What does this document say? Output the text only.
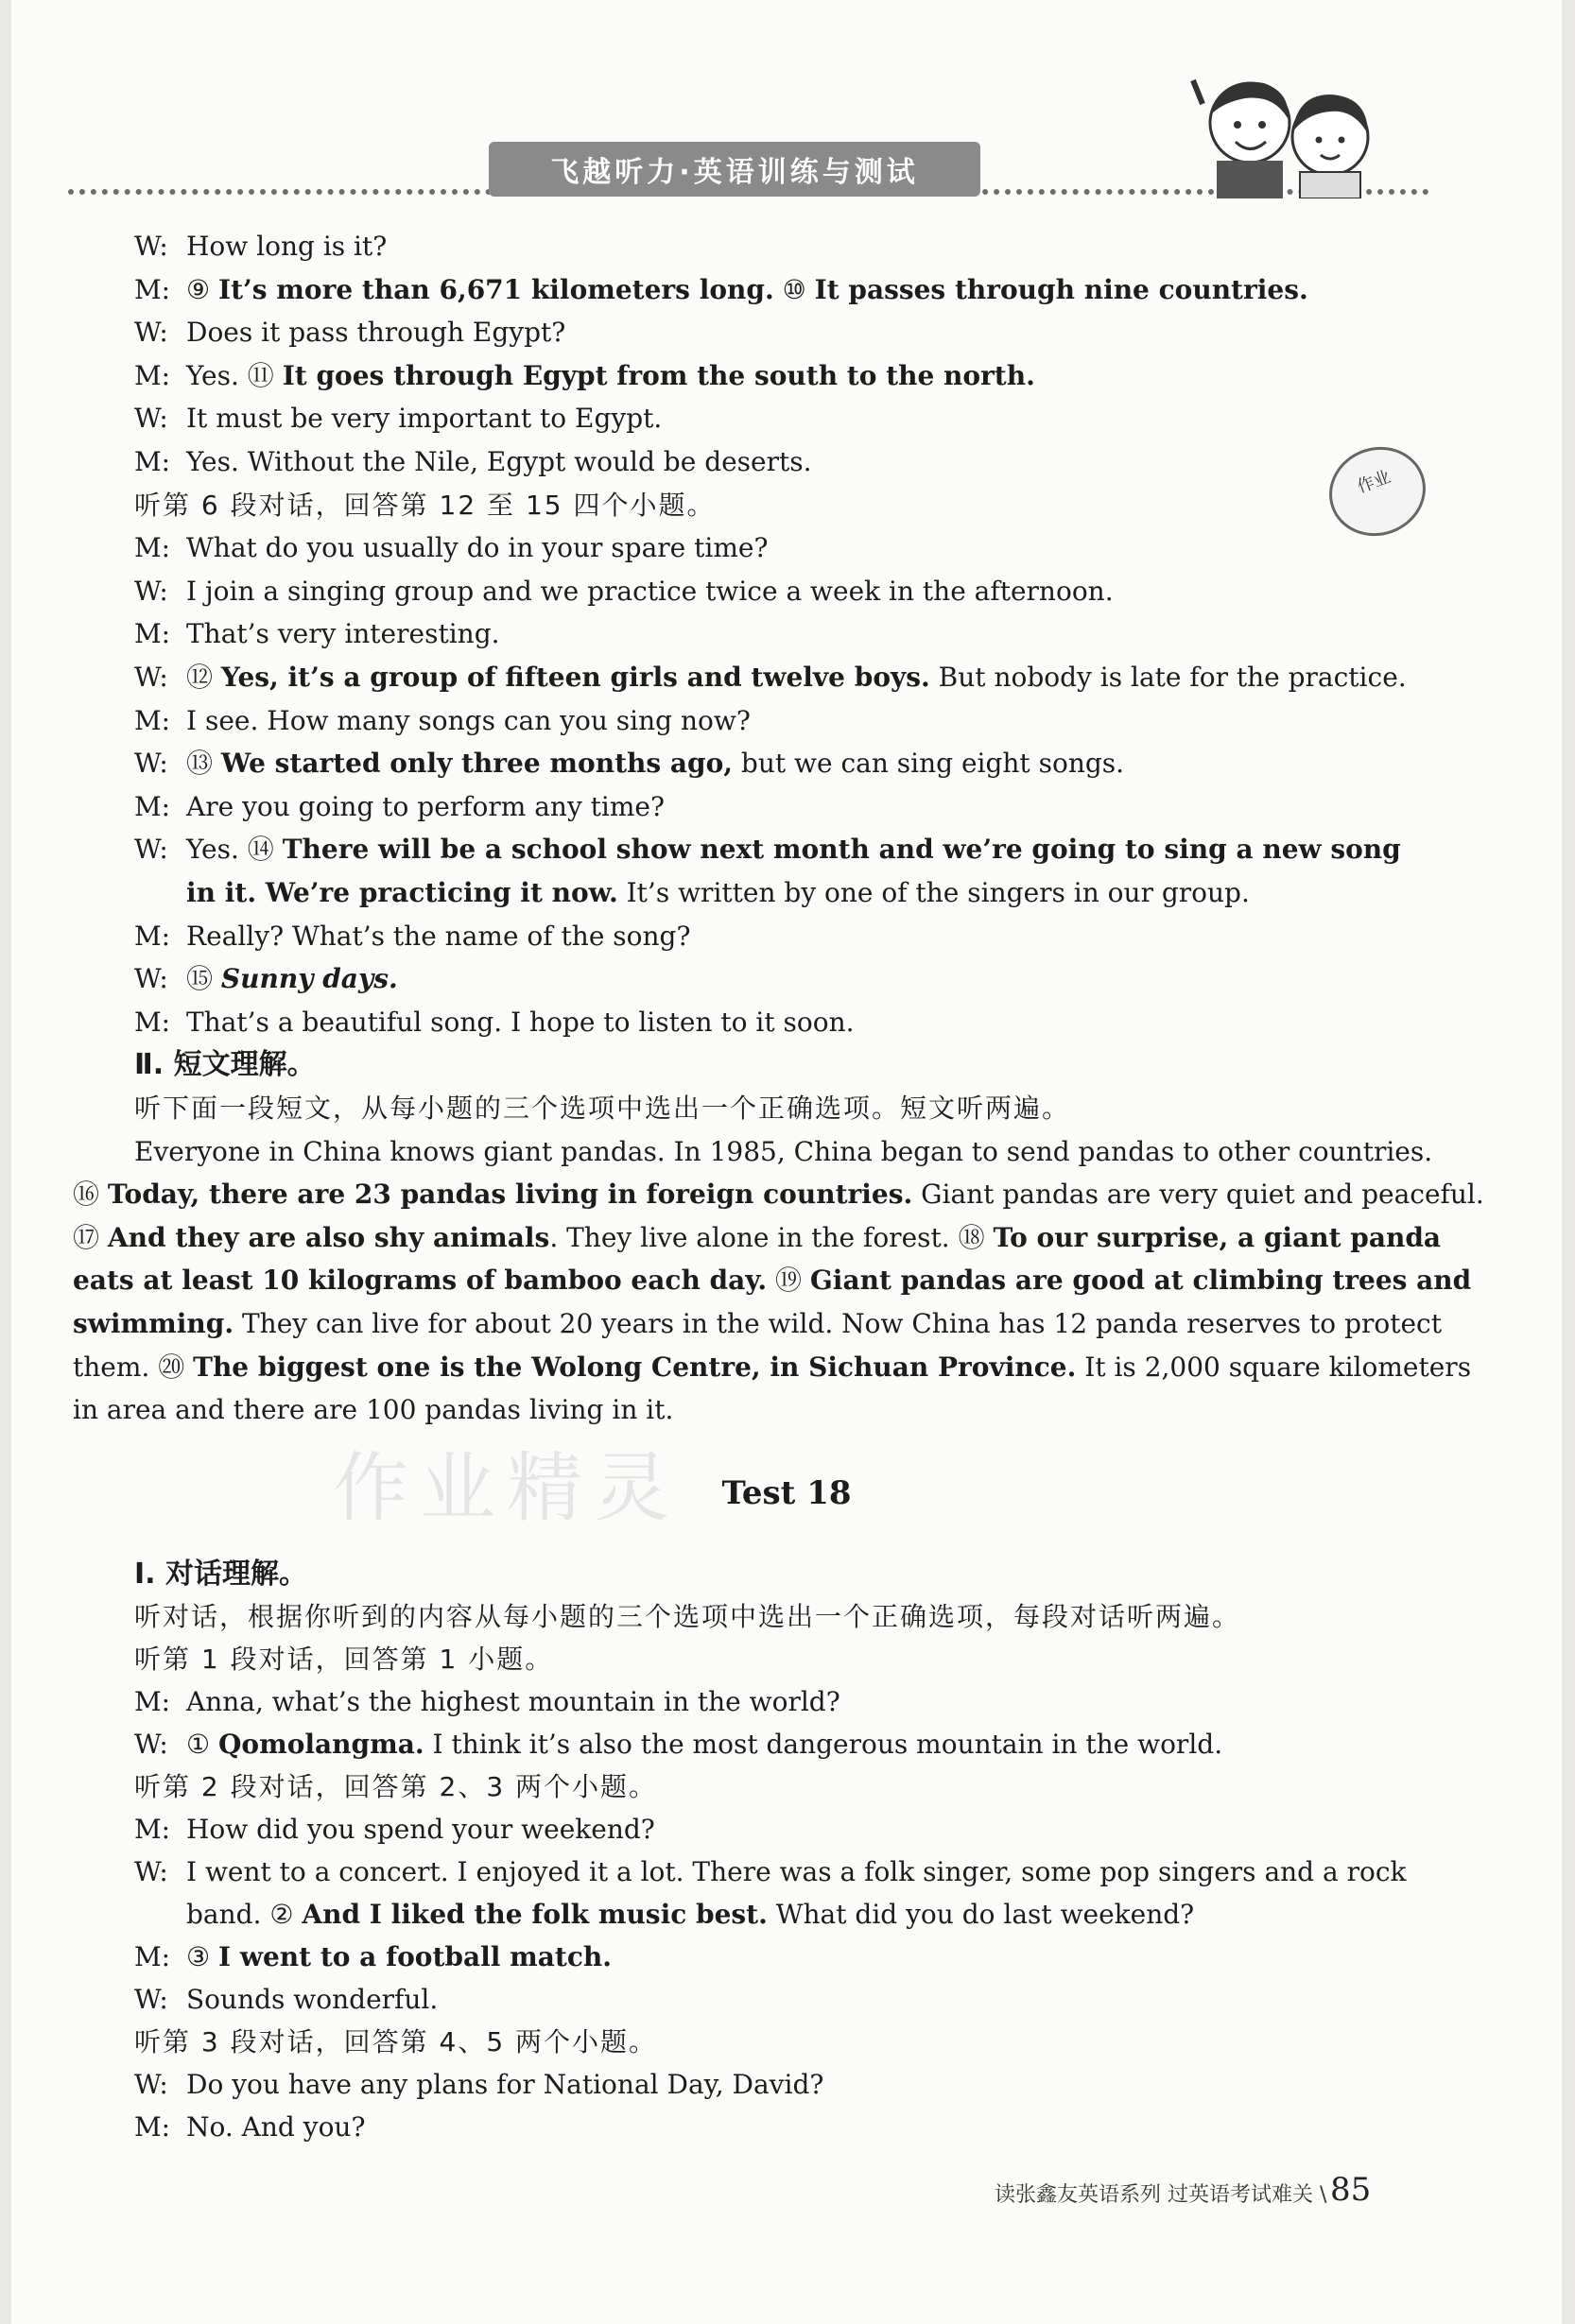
飞越听力·英语训练与测试
作业
作业精灵
W: How long is it?
M: ⑨ It’s more than 6,671 kilometers long. ⑩ It passes through nine countries.
W: Does it pass through Egypt?
M: Yes. ⑪ It goes through Egypt from the south to the north.
W: It must be very important to Egypt.
M: Yes. Without the Nile, Egypt would be deserts.
听第 6 段对话，回答第 12 至 15 四个小题。
M: What do you usually do in your spare time?
W: I join a singing group and we practice twice a week in the afternoon.
M: That’s very interesting.
W: ⑫ Yes, it’s a group of fifteen girls and twelve boys. But nobody is late for the practice.
M: I see. How many songs can you sing now?
W: ⑬ We started only three months ago, but we can sing eight songs.
M: Are you going to perform any time?
W: Yes. ⑭ There will be a school show next month and we’re going to sing a new song
in it. We’re practicing it now. It’s written by one of the singers in our group.
M: Really? What’s the name of the song?
W: ⑮ Sunny days.
M: That’s a beautiful song. I hope to listen to it soon.
Ⅱ. 短文理解。
听下面一段短文，从每小题的三个选项中选出一个正确选项。短文听两遍。
Everyone in China knows giant pandas. In 1985, China began to send pandas to other countries.
⑯ Today, there are 23 pandas living in foreign countries. Giant pandas are very quiet and peaceful.
⑰ And they are also shy animals. They live alone in the forest. ⑱ To our surprise, a giant panda
eats at least 10 kilograms of bamboo each day. ⑲ Giant pandas are good at climbing trees and
swimming. They can live for about 20 years in the wild. Now China has 12 panda reserves to protect
them. ⑳ The biggest one is the Wolong Centre, in Sichuan Province. It is 2,000 square kilometers
in area and there are 100 pandas living in it.
Test 18
Ⅰ. 对话理解。
听对话，根据你听到的内容从每小题的三个选项中选出一个正确选项，每段对话听两遍。
听第 1 段对话，回答第 1 小题。
M: Anna, what’s the highest mountain in the world?
W: ① Qomolangma. I think it’s also the most dangerous mountain in the world.
听第 2 段对话，回答第 2、3 两个小题。
M: How did you spend your weekend?
W: I went to a concert. I enjoyed it a lot. There was a folk singer, some pop singers and a rock
band. ② And I liked the folk music best. What did you do last weekend?
M: ③ I went to a football match.
W: Sounds wonderful.
听第 3 段对话，回答第 4、5 两个小题。
W: Do you have any plans for National Day, David?
M: No. And you?
读张鑫友英语系列 过英语考试难关 \ 85
